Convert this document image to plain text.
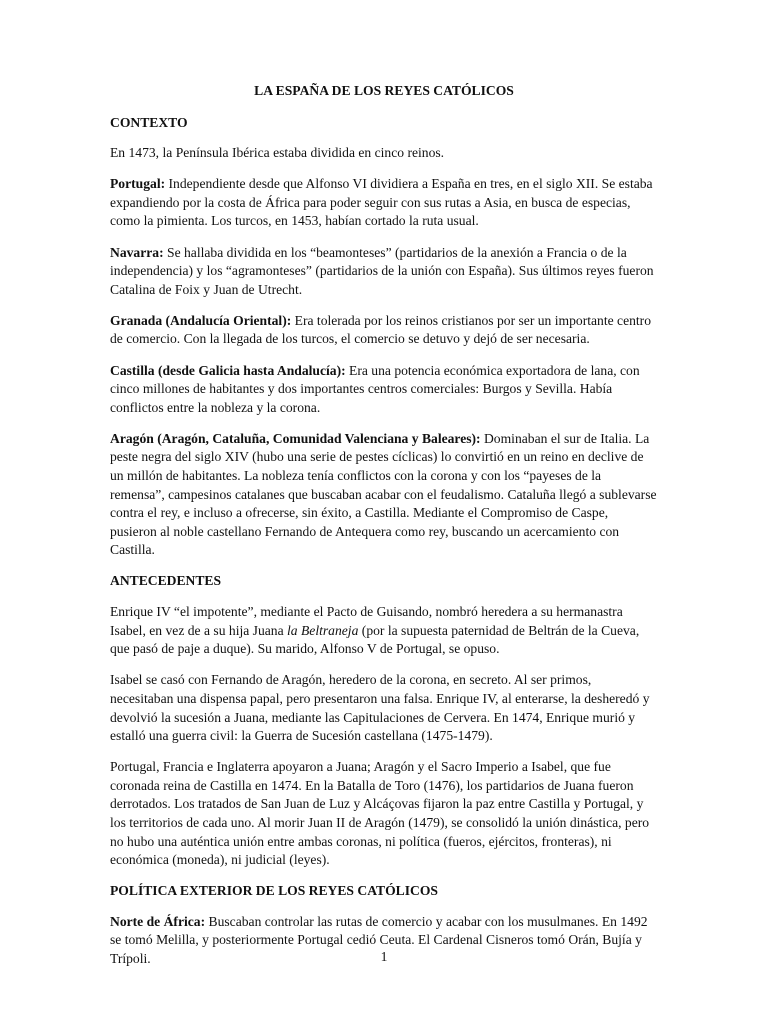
LA ESPAÑA DE LOS REYES CATÓLICOS
CONTEXTO

En 1473, la Península Ibérica estaba dividida en cinco reinos.

Portugal: Independiente desde que Alfonso VI dividiera a España en tres, en el siglo XII. Se estaba expandiendo por la costa de África para poder seguir con sus rutas a Asia, en busca de especias, como la pimienta. Los turcos, en 1453, habían cortado la ruta usual.

Navarra: Se hallaba dividida en los “beamonteses” (partidarios de la anexión a Francia o de la independencia) y los “agramonteses” (partidarios de la unión con España). Sus últimos reyes fueron Catalina de Foix y Juan de Utrecht.

Granada (Andalucía Oriental): Era tolerada por los reinos cristianos por ser un importante centro de comercio. Con la llegada de los turcos, el comercio se detuvo y dejó de ser necesaria.

Castilla (desde Galicia hasta Andalucía): Era una potencia económica exportadora de lana, con cinco millones de habitantes y dos importantes centros comerciales: Burgos y Sevilla. Había conflictos entre la nobleza y la corona.

Aragón (Aragón, Cataluña, Comunidad Valenciana y Baleares): Dominaban el sur de Italia. La peste negra del siglo XIV (hubo una serie de pestes cíclicas) lo convirtió en un reino en declive de un millón de habitantes. La nobleza tenía conflictos con la corona y con los “payeses de la remensa”, campesinos catalanes que buscaban acabar con el feudalismo. Cataluña llegó a sublevarse contra el rey, e incluso a ofrecerse, sin éxito, a Castilla. Mediante el Compromiso de Caspe, pusieron al noble castellano Fernando de Antequera como rey, buscando un acercamiento con Castilla.

ANTECEDENTES

Enrique IV “el impotente”, mediante el Pacto de Guisando, nombró heredera a su hermanastra Isabel, en vez de a su hija Juana la Beltraneja (por la supuesta paternidad de Beltrán de la Cueva, que pasó de paje a duque). Su marido, Alfonso V de Portugal, se opuso.

Isabel se casó con Fernando de Aragón, heredero de la corona, en secreto. Al ser primos, necesitaban una dispensa papal, pero presentaron una falsa. Enrique IV, al enterarse, la desheredó y devolvió la sucesión a Juana, mediante las Capitulaciones de Cervera. En 1474, Enrique murió y estalló una guerra civil: la Guerra de Sucesión castellana (1475-1479).

Portugal, Francia e Inglaterra apoyaron a Juana; Aragón y el Sacro Imperio a Isabel, que fue coronada reina de Castilla en 1474. En la Batalla de Toro (1476), los partidarios de Juana fueron derrotados. Los tratados de San Juan de Luz y Alcáçovas fijaron la paz entre Castilla y Portugal, y los territorios de cada uno. Al morir Juan II de Aragón (1479), se consolidó la unión dinástica, pero no hubo una auténtica unión entre ambas coronas, ni política (fueros, ejércitos, fronteras), ni económica (moneda), ni judicial (leyes).

POLÍTICA EXTERIOR DE LOS REYES CATÓLICOS

Norte de África: Buscaban controlar las rutas de comercio y acabar con los musulmanes. En 1492 se tomó Melilla, y posteriormente Portugal cedió Ceuta. El Cardenal Cisneros tomó Orán, Bujía y Trípoli.	1
